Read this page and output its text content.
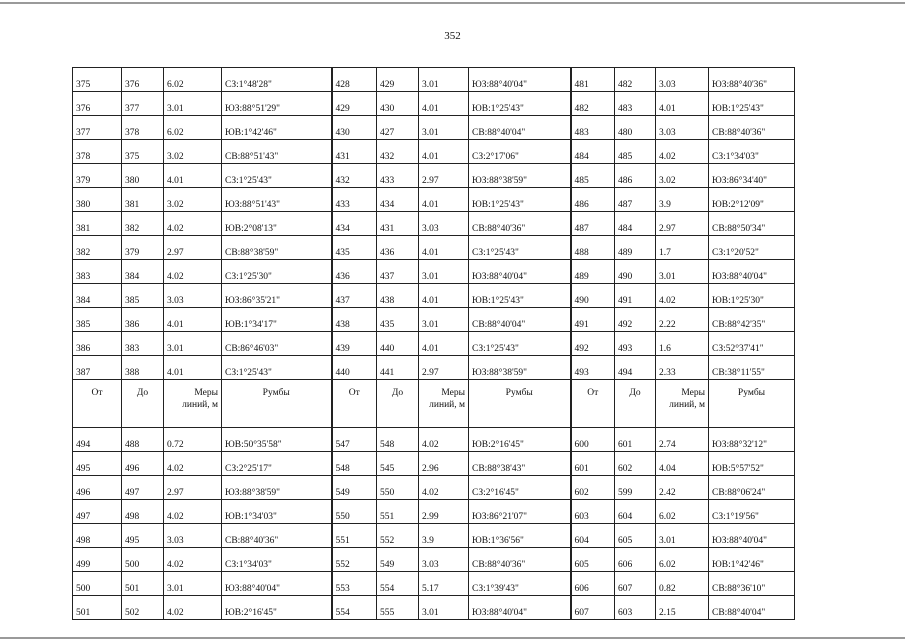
352
375	376	6.02	СЗ:1°48'28"	428	429	3.01	ЮЗ:88°40'04"	481	482	3.03	ЮЗ:88°40'36"
376	377	3.01	ЮЗ:88°51'29"	429	430	4.01	ЮВ:1°25'43"	482	483	4.01	ЮВ:1°25'43"
377	378	6.02	ЮВ:1°42'46"	430	427	3.01	СВ:88°40'04"	483	480	3.03	СВ:88°40'36"
378	375	3.02	СВ:88°51'43"	431	432	4.01	СЗ:2°17'06"	484	485	4.02	СЗ:1°34'03"
379	380	4.01	СЗ:1°25'43"	432	433	2.97	ЮЗ:88°38'59"	485	486	3.02	ЮЗ:86°34'40"
380	381	3.02	ЮЗ:88°51'43"	433	434	4.01	ЮВ:1°25'43"	486	487	3.9	ЮВ:2°12'09"
381	382	4.02	ЮВ:2°08'13"	434	431	3.03	СВ:88°40'36"	487	484	2.97	СВ:88°50'34"
382	379	2.97	СВ:88°38'59"	435	436	4.01	СЗ:1°25'43"	488	489	1.7	СЗ:1°20'52"
383	384	4.02	СЗ:1°25'30"	436	437	3.01	ЮЗ:88°40'04"	489	490	3.01	ЮЗ:88°40'04"
384	385	3.03	ЮЗ:86°35'21"	437	438	4.01	ЮВ:1°25'43"	490	491	4.02	ЮВ:1°25'30"
385	386	4.01	ЮВ:1°34'17"	438	435	3.01	СВ:88°40'04"	491	492	2.22	СВ:88°42'35"
386	383	3.01	СВ:86°46'03"	439	440	4.01	СЗ:1°25'43"	492	493	1.6	СЗ:52°37'41"
387	388	4.01	СЗ:1°25'43"	440	441	2.97	ЮЗ:88°38'59"	493	494	2.33	СВ:38°11'55"
От	До	Меры линий, м	Румбы	От	До	Меры линий, м	Румбы	От	До	Меры линий, м	Румбы
494	488	0.72	ЮВ:50°35'58"	547	548	4.02	ЮВ:2°16'45"	600	601	2.74	ЮЗ:88°32'12"
495	496	4.02	СЗ:2°25'17"	548	545	2.96	СВ:88°38'43"	601	602	4.04	ЮВ:5°57'52"
496	497	2.97	ЮЗ:88°38'59"	549	550	4.02	СЗ:2°16'45"	602	599	2.42	СВ:88°06'24"
497	498	4.02	ЮВ:1°34'03"	550	551	2.99	ЮЗ:86°21'07"	603	604	6.02	СЗ:1°19'56"
498	495	3.03	СВ:88°40'36"	551	552	3.9	ЮВ:1°36'56"	604	605	3.01	ЮЗ:88°40'04"
499	500	4.02	СЗ:1°34'03"	552	549	3.03	СВ:88°40'36"	605	606	6.02	ЮВ:1°42'46"
500	501	3.01	ЮЗ:88°40'04"	553	554	5.17	СЗ:1°39'43"	606	607	0.82	СВ:88°36'10"
501	502	4.02	ЮВ:2°16'45"	554	555	3.01	ЮЗ:88°40'04"	607	603	2.15	СВ:88°40'04"
